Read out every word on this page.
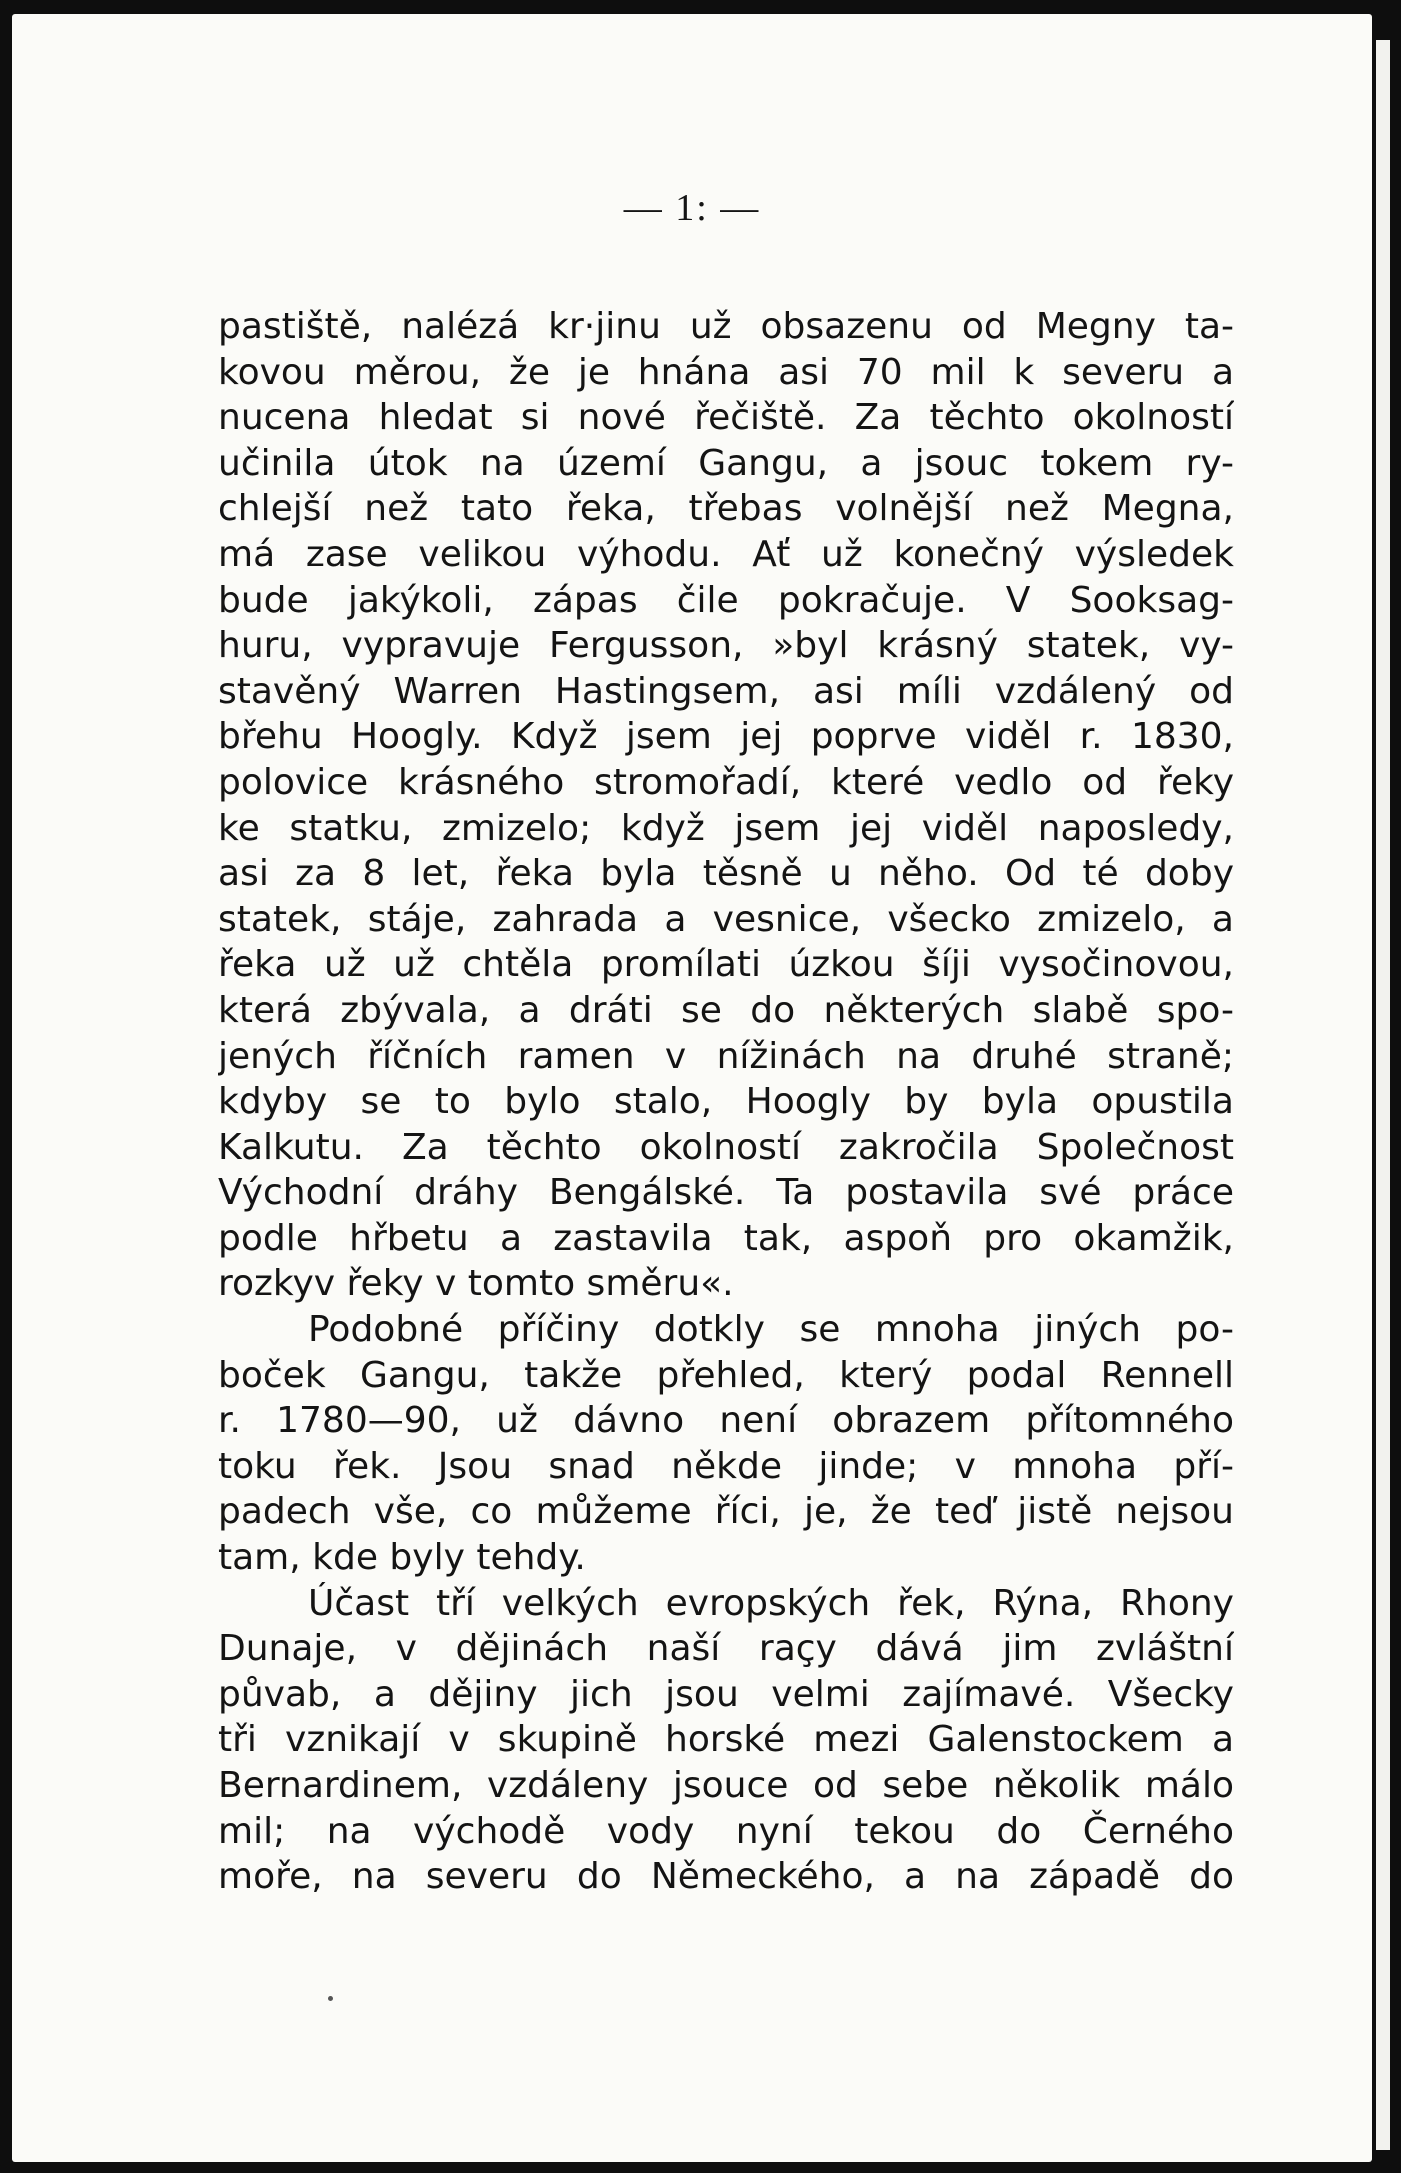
— 1: —
pastiště, nalézá kr·jinu už obsazenu od Megny ta-
kovou měrou, že je hnána asi 70 mil k severu a
nucena hledat si nové řečiště. Za těchto okolností
učinila útok na území Gangu, a jsouc tokem ry-
chlejší než tato řeka, třebas volnější než Megna,
má zase velikou výhodu. Ať už konečný výsledek
bude jakýkoli, zápas čile pokračuje. V Sooksag-
huru, vypravuje Fergusson, »byl krásný statek, vy-
stavěný Warren Hastingsem, asi míli vzdálený od
břehu Hoogly. Když jsem jej poprve viděl r. 1830,
polovice krásného stromořadí, které vedlo od řeky
ke statku, zmizelo; když jsem jej viděl naposledy,
asi za 8 let, řeka byla těsně u něho. Od té doby
statek, stáje, zahrada a vesnice, všecko zmizelo, a
řeka už už chtěla promílati úzkou šíji vysočinovou,
která zbývala, a dráti se do některých slabě spo-
jených říčních ramen v nížinách na druhé straně;
kdyby se to bylo stalo, Hoogly by byla opustila
Kalkutu. Za těchto okolností zakročila Společnost
Východní dráhy Bengálské. Ta postavila své práce
podle hřbetu a zastavila tak, aspoň pro okamžik,
rozkyv řeky v tomto směru«.
Podobné příčiny dotkly se mnoha jiných po-
boček Gangu, takže přehled, který podal Rennell
r. 1780—90, už dávno není obrazem přítomného
toku řek. Jsou snad někde jinde; v mnoha pří-
padech vše, co můžeme říci, je, že teď jistě nejsou
tam, kde byly tehdy.
Účast tří velkých evropských řek, Rýna, Rhony
Dunaje, v dějinách naší raçy dává jim zvláštní
půvab, a dějiny jich jsou velmi zajímavé. Všecky
tři vznikají v skupině horské mezi Galenstockem a
Bernardinem, vzdáleny jsouce od sebe několik málo
mil; na východě vody nyní tekou do Černého
moře, na severu do Německého, a na západě do
